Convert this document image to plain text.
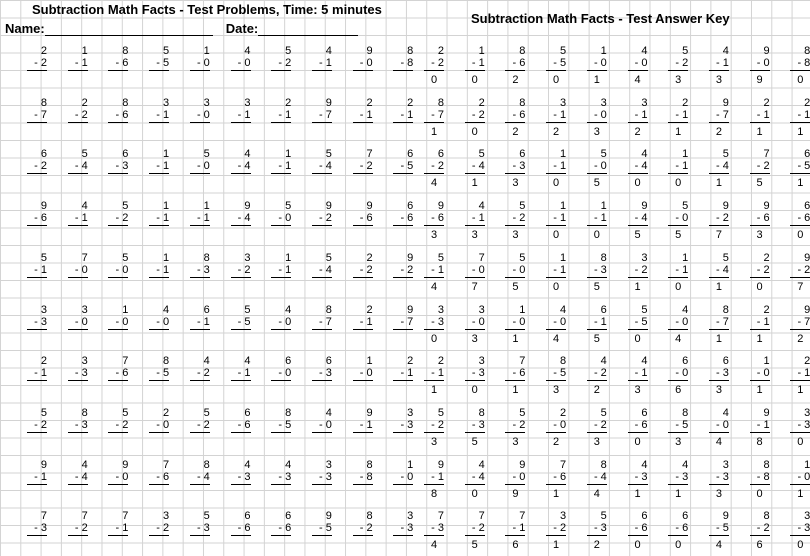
Subtraction Math Facts - Test Problems, Time: 5 minutes
Name:	Date:
Subtraction Math Facts - Test Answer Key
2
- 2
1
- 1
8
- 6
5
- 5
1
- 0
4
- 0
5
- 2
4
- 1
9
- 0
8
- 8
8
- 7
2
- 2
8
- 6
3
- 1
3
- 0
3
- 1
2
- 1
9
- 7
2
- 1
2
- 1
6
- 2
5
- 4
6
- 3
1
- 1
5
- 0
4
- 4
1
- 1
5
- 4
7
- 2
6
- 5
9
- 6
4
- 1
5
- 2
1
- 1
1
- 1
9
- 4
5
- 0
9
- 2
9
- 6
6
- 6
5
- 1
7
- 0
5
- 0
1
- 1
8
- 3
3
- 2
1
- 1
5
- 4
2
- 2
9
- 2
3
- 3
3
- 0
1
- 0
4
- 0
6
- 1
5
- 5
4
- 0
8
- 7
2
- 1
9
- 7
2
- 1
3
- 3
7
- 6
8
- 5
4
- 2
4
- 1
6
- 0
6
- 3
1
- 0
2
- 1
5
- 2
8
- 3
5
- 2
2
- 0
5
- 2
6
- 6
8
- 5
4
- 0
9
- 1
3
- 3
9
- 1
4
- 4
9
- 0
7
- 6
8
- 4
4
- 3
4
- 3
3
- 3
8
- 8
1
- 0
7
- 3
7
- 2
7
- 1
3
- 2
5
- 3
6
- 6
6
- 6
9
- 5
8
- 2
3
- 3
2
- 2
0
1
- 1
0
8
- 6
2
5
- 5
0
1
- 0
1
4
- 0
4
5
- 2
3
4
- 1
3
9
- 0
9
8
- 8
0
8
- 7
1
2
- 2
0
8
- 6
2
3
- 1
2
3
- 0
3
3
- 1
2
2
- 1
1
9
- 7
2
2
- 1
1
2
- 1
1
6
- 2
4
5
- 4
1
6
- 3
3
1
- 1
0
5
- 0
5
4
- 4
0
1
- 1
0
5
- 4
1
7
- 2
5
6
- 5
1
9
- 6
3
4
- 1
3
5
- 2
3
1
- 1
0
1
- 1
0
9
- 4
5
5
- 0
5
9
- 2
7
9
- 6
3
6
- 6
0
5
- 1
4
7
- 0
7
5
- 0
5
1
- 1
0
8
- 3
5
3
- 2
1
1
- 1
0
5
- 4
1
2
- 2
0
9
- 2
7
3
- 3
0
3
- 0
3
1
- 0
1
4
- 0
4
6
- 1
5
5
- 5
0
4
- 0
4
8
- 7
1
2
- 1
1
9
- 7
2
2
- 1
1
3
- 3
0
7
- 6
1
8
- 5
3
4
- 2
2
4
- 1
3
6
- 0
6
6
- 3
3
1
- 0
1
2
- 1
1
5
- 2
3
8
- 3
5
5
- 2
3
2
- 0
2
5
- 2
3
6
- 6
0
8
- 5
3
4
- 0
4
9
- 1
8
3
- 3
0
9
- 1
8
4
- 4
0
9
- 0
9
7
- 6
1
8
- 4
4
4
- 3
1
4
- 3
1
3
- 3
3
8
- 8
0
1
- 0
1
7
- 3
4
7
- 2
5
7
- 1
6
3
- 2
1
5
- 3
2
6
- 6
0
6
- 6
0
9
- 5
4
8
- 2
6
3
- 3
0
